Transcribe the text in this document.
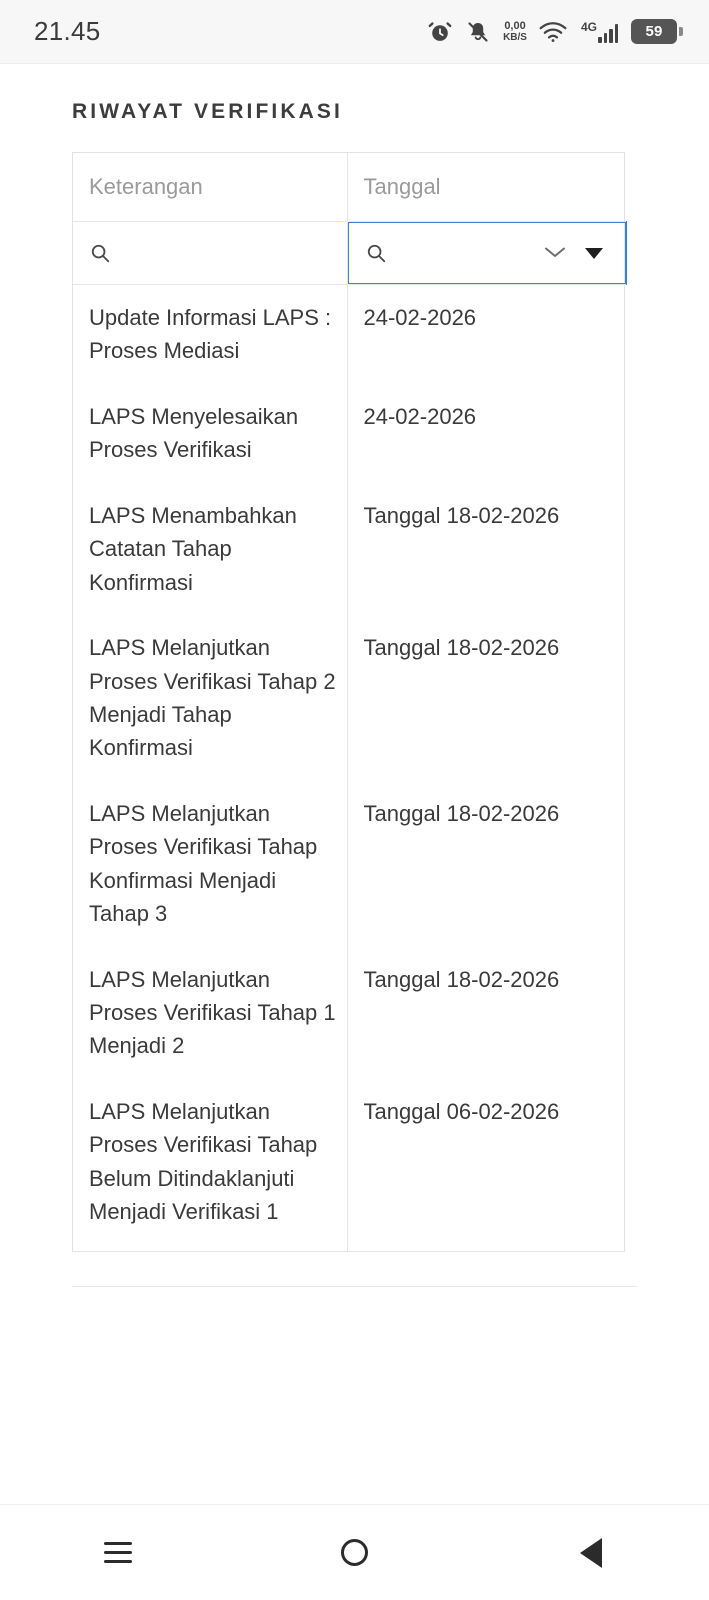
21.45	0,00
KB/S
4G	59
RIWAYAT VERIFIKASI
Keterangan	Tanggal

Update Informasi LAPS : Proses Mediasi	24-02-2026
LAPS Menyelesaikan Proses Verifikasi	24-02-2026
LAPS Menambahkan Catatan Tahap Konfirmasi	Tanggal 18-02-2026
LAPS Melanjutkan Proses Verifikasi Tahap 2 Menjadi Tahap Konfirmasi	Tanggal 18-02-2026
LAPS Melanjutkan Proses Verifikasi Tahap Konfirmasi Menjadi Tahap 3	Tanggal 18-02-2026
LAPS Melanjutkan Proses Verifikasi Tahap 1 Menjadi 2	Tanggal 18-02-2026
LAPS Melanjutkan Proses Verifikasi Tahap Belum Ditindaklanjuti Menjadi Verifikasi 1	Tanggal 06-02-2026
